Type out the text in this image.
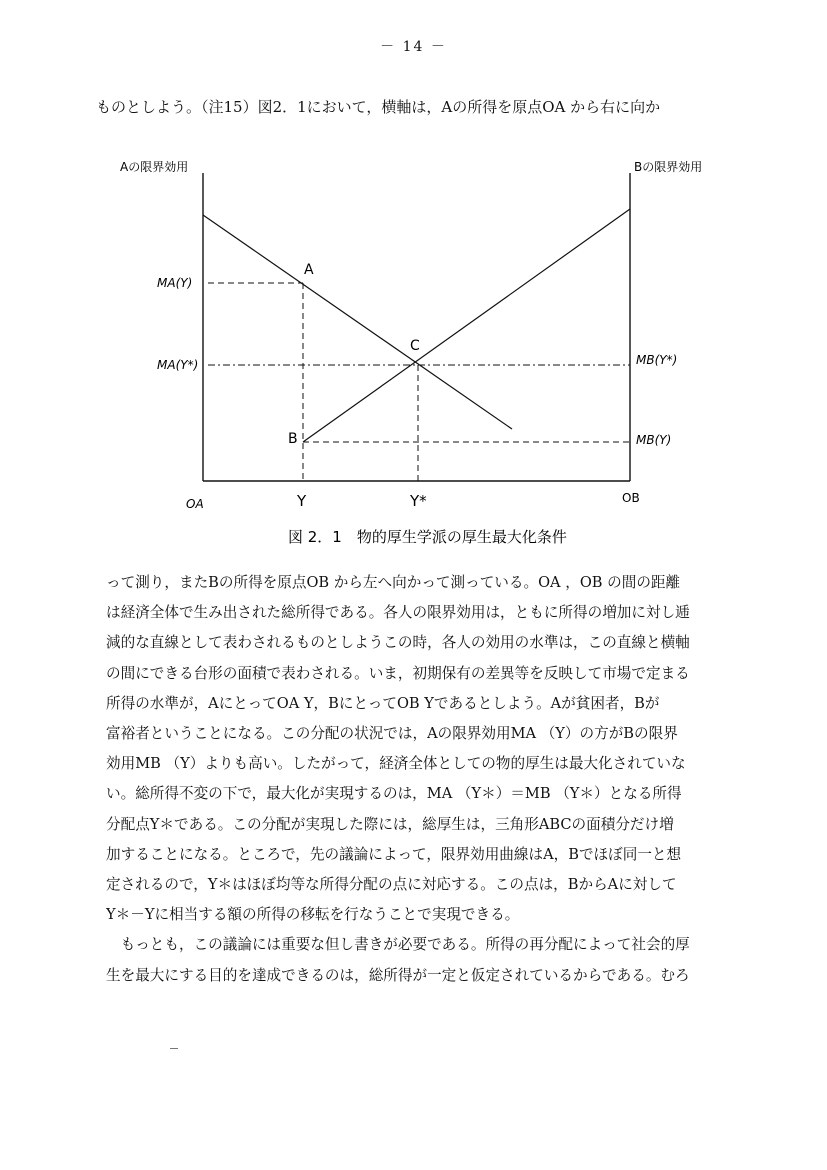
－ 14 －
ものとしよう。（注15）図2．1において，横軸は，Aの所得を原点OA から右に向か
Aの限界効用	Bの限界効用
MA(Y)
MA(Y*)	MB(Y*)
MB(Y)
A
B
C
OA	Y	Y*	OB
図 2．1　物的厚生学派の厚生最大化条件

って測り，またBの所得を原点OB から左へ向かって測っている。OA ，OB の間の距離
は経済全体で生み出された総所得である。各人の限界効用は，ともに所得の増加に対し逓
減的な直線として表わされるものとしようこの時，各人の効用の水準は，この直線と横軸
の間にできる台形の面積で表わされる。いま，初期保有の差異等を反映して市場で定まる
所得の水準が，AにとってOA Y，BにとってOB Yであるとしよう。Aが貧困者，Bが
富裕者ということになる。この分配の状況では，Aの限界効用MA （Y）の方がBの限界
効用MB （Y）よりも高い。したがって，経済全体としての物的厚生は最大化されていな
い。総所得不変の下で，最大化が実現するのは，MA （Y＊）＝MB （Y＊）となる所得
分配点Y＊である。この分配が実現した際には，総厚生は，三角形ABCの面積分だけ増
加することになる。ところで，先の議論によって，限界効用曲線はA，Bでほぼ同一と想
定されるので，Y＊はほぼ均等な所得分配の点に対応する。この点は，BからAに対して
Y＊－Yに相当する額の所得の移転を行なうことで実現できる。

もっとも，この議論には重要な但し書きが必要である。所得の再分配によって社会的厚
生を最大にする目的を達成できるのは，総所得が一定と仮定されているからである。むろ
